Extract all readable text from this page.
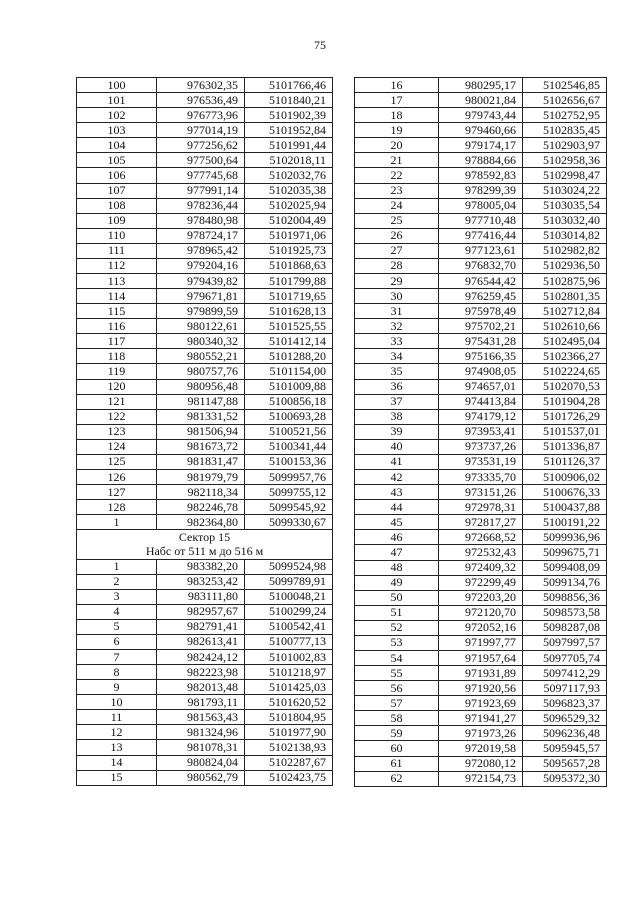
75
100	976302,35	5101766,46
101	976536,49	5101840,21
102	976773,96	5101902,39
103	977014,19	5101952,84
104	977256,62	5101991,44
105	977500,64	5102018,11
106	977745,68	5102032,76
107	977991,14	5102035,38
108	978236,44	5102025,94
109	978480,98	5102004,49
110	978724,17	5101971,06
111	978965,42	5101925,73
112	979204,16	5101868,63
113	979439,82	5101799,88
114	979671,81	5101719,65
115	979899,59	5101628,13
116	980122,61	5101525,55
117	980340,32	5101412,14
118	980552,21	5101288,20
119	980757,76	5101154,00
120	980956,48	5101009,88
121	981147,88	5100856,18
122	981331,52	5100693,28
123	981506,94	5100521,56
124	981673,72	5100341,44
125	981831,47	5100153,36
126	981979,79	5099957,76
127	982118,34	5099755,12
128	982246,78	5099545,92
1	982364,80	5099330,67
Сектор 15		
Набс от 511 м до 516 м		
1	983382,20	5099524,98
2	983253,42	5099789,91
3	983111,80	5100048,21
4	982957,67	5100299,24
5	982791,41	5100542,41
6	982613,41	5100777,13
7	982424,12	5101002,83
8	982223,98	5101218,97
9	982013,48	5101425,03
10	981793,11	5101620,52
11	981563,43	5101804,95
12	981324,96	5101977,90
13	981078,31	5102138,93
14	980824,04	5102287,67
15	980562,79	5102423,75
16	980295,17	5102546,85
17	980021,84	5102656,67
18	979743,44	5102752,95
19	979460,66	5102835,45
20	979174,17	5102903,97
21	978884,66	5102958,36
22	978592,83	5102998,47
23	978299,39	5103024,22
24	978005,04	5103035,54
25	977710,48	5103032,40
26	977416,44	5103014,82
27	977123,61	5102982,82
28	976832,70	5102936,50
29	976544,42	5102875,96
30	976259,45	5102801,35
31	975978,49	5102712,84
32	975702,21	5102610,66
33	975431,28	5102495,04
34	975166,35	5102366,27
35	974908,05	5102224,65
36	974657,01	5102070,53
37	974413,84	5101904,28
38	974179,12	5101726,29
39	973953,41	5101537,01
40	973737,26	5101336,87
41	973531,19	5101126,37
42	973335,70	5100906,02
43	973151,26	5100676,33
44	972978,31	5100437,88
45	972817,27	5100191,22
46	972668,52	5099936,96
47	972532,43	5099675,71
48	972409,32	5099408,09
49	972299,49	5099134,76
50	972203,20	5098856,36
51	972120,70	5098573,58
52	972052,16	5098287,08
53	971997,77	5097997,57
54	971957,64	5097705,74
55	971931,89	5097412,29
56	971920,56	5097117,93
57	971923,69	5096823,37
58	971941,27	5096529,32
59	971973,26	5096236,48
60	972019,58	5095945,57
61	972080,12	5095657,28
62	972154,73	5095372,30
